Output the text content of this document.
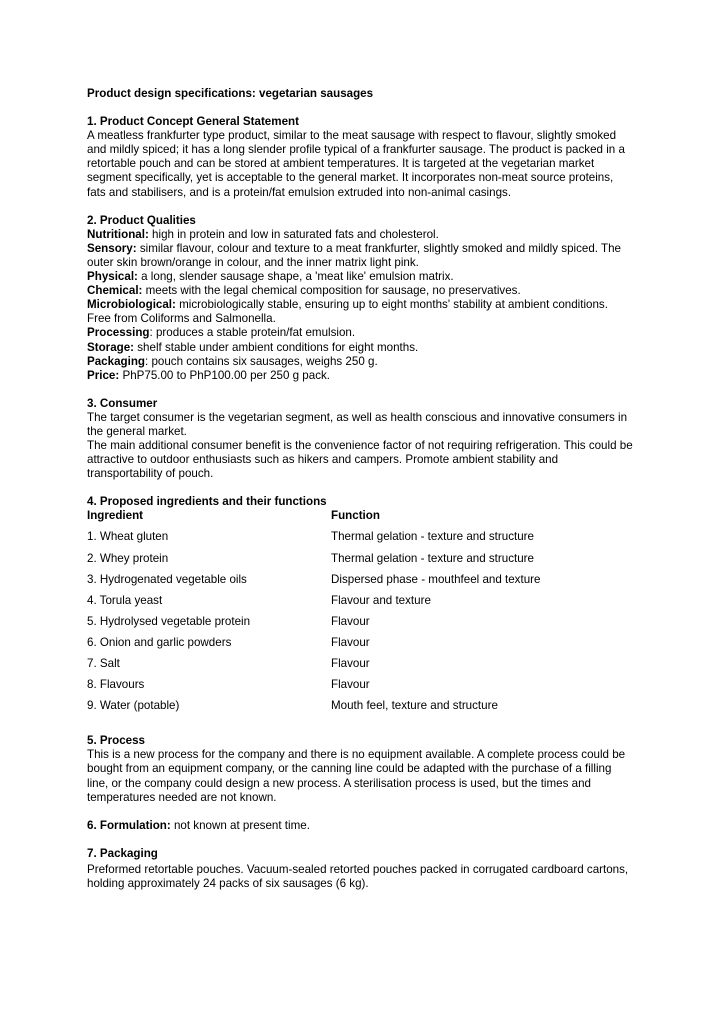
Product design specifications: vegetarian sausages

1. Product Concept General Statement

A meatless frankfurter type product, similar to the meat sausage with respect to flavour, slightly smoked and mildly spiced; it has a long slender profile typical of a frankfurter sausage. The product is packed in a retortable pouch and can be stored at ambient temperatures. It is targeted at the vegetarian market segment specifically, yet is acceptable to the general market. It incorporates non-meat source proteins, fats and stabilisers, and is a protein/fat emulsion extruded into non-animal casings.

2. Product Qualities

Nutritional: high in protein and low in saturated fats and cholesterol.

Sensory: similar flavour, colour and texture to a meat frankfurter, slightly smoked and mildly spiced. The outer skin brown/orange in colour, and the inner matrix light pink.

Physical: a long, slender sausage shape, a 'meat like' emulsion matrix.

Chemical: meets with the legal chemical composition for sausage, no preservatives.

Microbiological: microbiologically stable, ensuring up to eight months' stability at ambient conditions. Free from Coliforms and Salmonella.

Processing: produces a stable protein/fat emulsion.

Storage: shelf stable under ambient conditions for eight months.

Packaging: pouch contains six sausages, weighs 250 g.

Price: PhP75.00 to PhP100.00 per 250 g pack.

3. Consumer

The target consumer is the vegetarian segment, as well as health conscious and innovative consumers in the general market.

The main additional consumer benefit is the convenience factor of not requiring refrigeration. This could be attractive to outdoor enthusiasts such as hikers and campers. Promote ambient stability and transportability of pouch.

4. Proposed ingredients and their functions

Ingredient	Function
1. Wheat gluten	Thermal gelation - texture and structure
2. Whey protein	Thermal gelation - texture and structure
3. Hydrogenated vegetable oils	Dispersed phase - mouthfeel and texture
4. Torula yeast	Flavour and texture
5. Hydrolysed vegetable protein	Flavour
6. Onion and garlic powders	Flavour
7. Salt	Flavour
8. Flavours	Flavour
9. Water (potable)	Mouth feel, texture and structure

5. Process

This is a new process for the company and there is no equipment available. A complete process could be bought from an equipment company, or the canning line could be adapted with the purchase of a filling line, or the company could design a new process. A sterilisation process is used, but the times and temperatures needed are not known.

6. Formulation: not known at present time.

7. Packaging

Preformed retortable pouches. Vacuum-sealed retorted pouches packed in corrugated cardboard cartons, holding approximately 24 packs of six sausages (6 kg).
